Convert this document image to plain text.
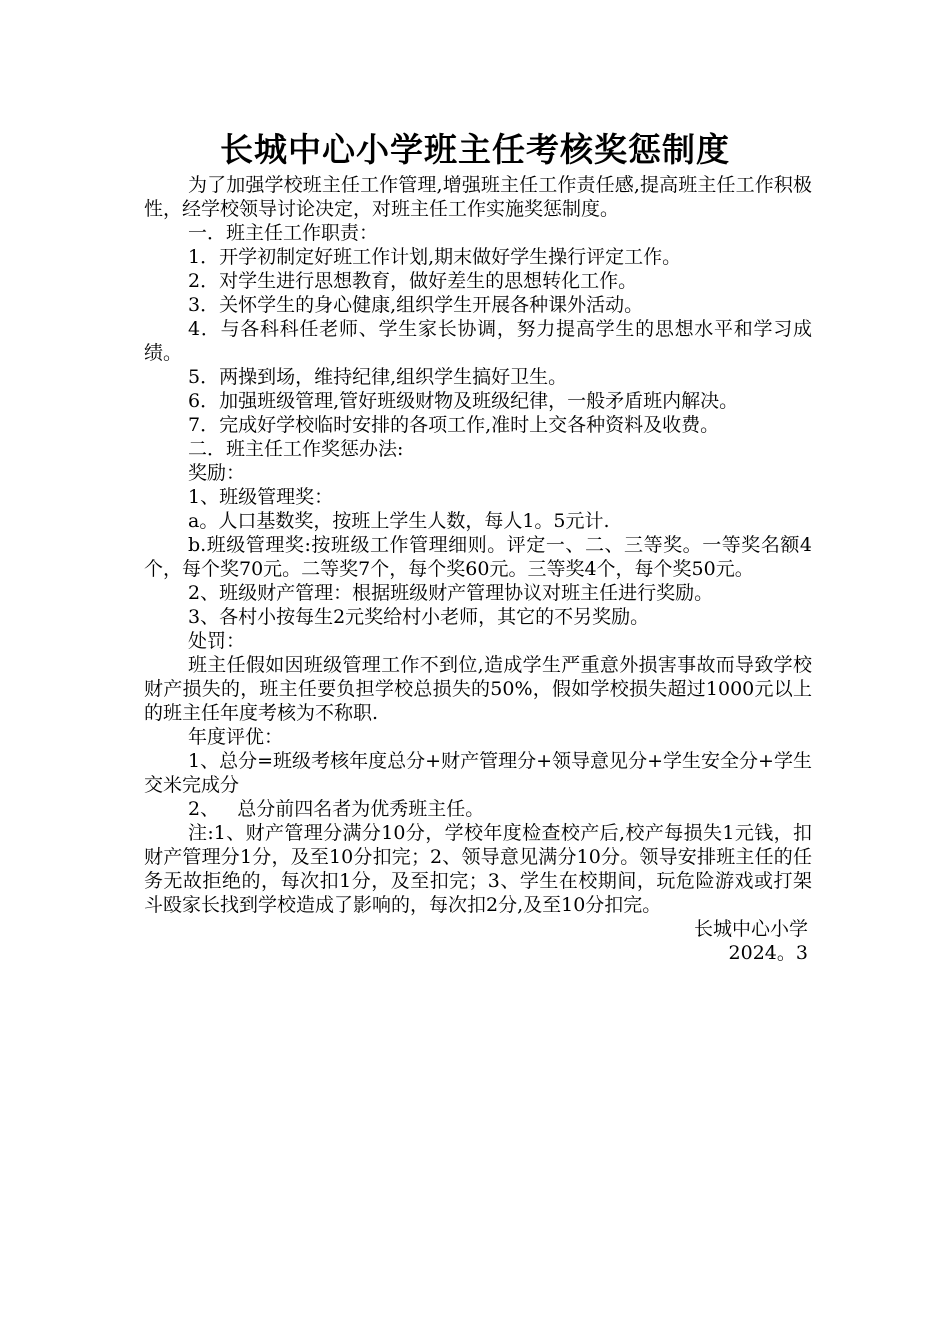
长城中心小学班主任考核奖惩制度

为了加强学校班主任工作管理,增强班主任工作责任感,提高班主任工作积极性，经学校领导讨论决定，对班主任工作实施奖惩制度。

一．班主任工作职责：

1．开学初制定好班工作计划,期末做好学生操行评定工作。

2．对学生进行思想教育，做好差生的思想转化工作。

3．关怀学生的身心健康,组织学生开展各种课外活动。

4．与各科科任老师、学生家长协调，努力提高学生的思想水平和学习成绩。

5．两操到场，维持纪律,组织学生搞好卫生。

6．加强班级管理,管好班级财物及班级纪律，一般矛盾班内解决。

7．完成好学校临时安排的各项工作,准时上交各种资料及收费。

二．班主任工作奖惩办法:

奖励：

1、班级管理奖：

a。人口基数奖，按班上学生人数，每人1。5元计.

b.班级管理奖:按班级工作管理细则。评定一、二、三等奖。一等奖名额4个，每个奖70元。二等奖7个，每个奖60元。三等奖4个，每个奖50元。

2、班级财产管理：根据班级财产管理协议对班主任进行奖励。

3、各村小按每生2元奖给村小老师，其它的不另奖励。

处罚：

班主任假如因班级管理工作不到位,造成学生严重意外损害事故而导致学校财产损失的，班主任要负担学校总损失的50%，假如学校损失超过1000元以上的班主任年度考核为不称职.

年度评优：

1、总分=班级考核年度总分+财产管理分+领导意见分+学生安全分+学生交米完成分

2、   总分前四名者为优秀班主任。

注:1、财产管理分满分10分，学校年度检查校产后,校产每损失1元钱，扣财产管理分1分，及至10分扣完；2、领导意见满分10分。领导安排班主任的任务无故拒绝的，每次扣1分，及至扣完；3、学生在校期间，玩危险游戏或打架斗殴家长找到学校造成了影响的，每次扣2分,及至10分扣完。

长城中心小学

2024。3
